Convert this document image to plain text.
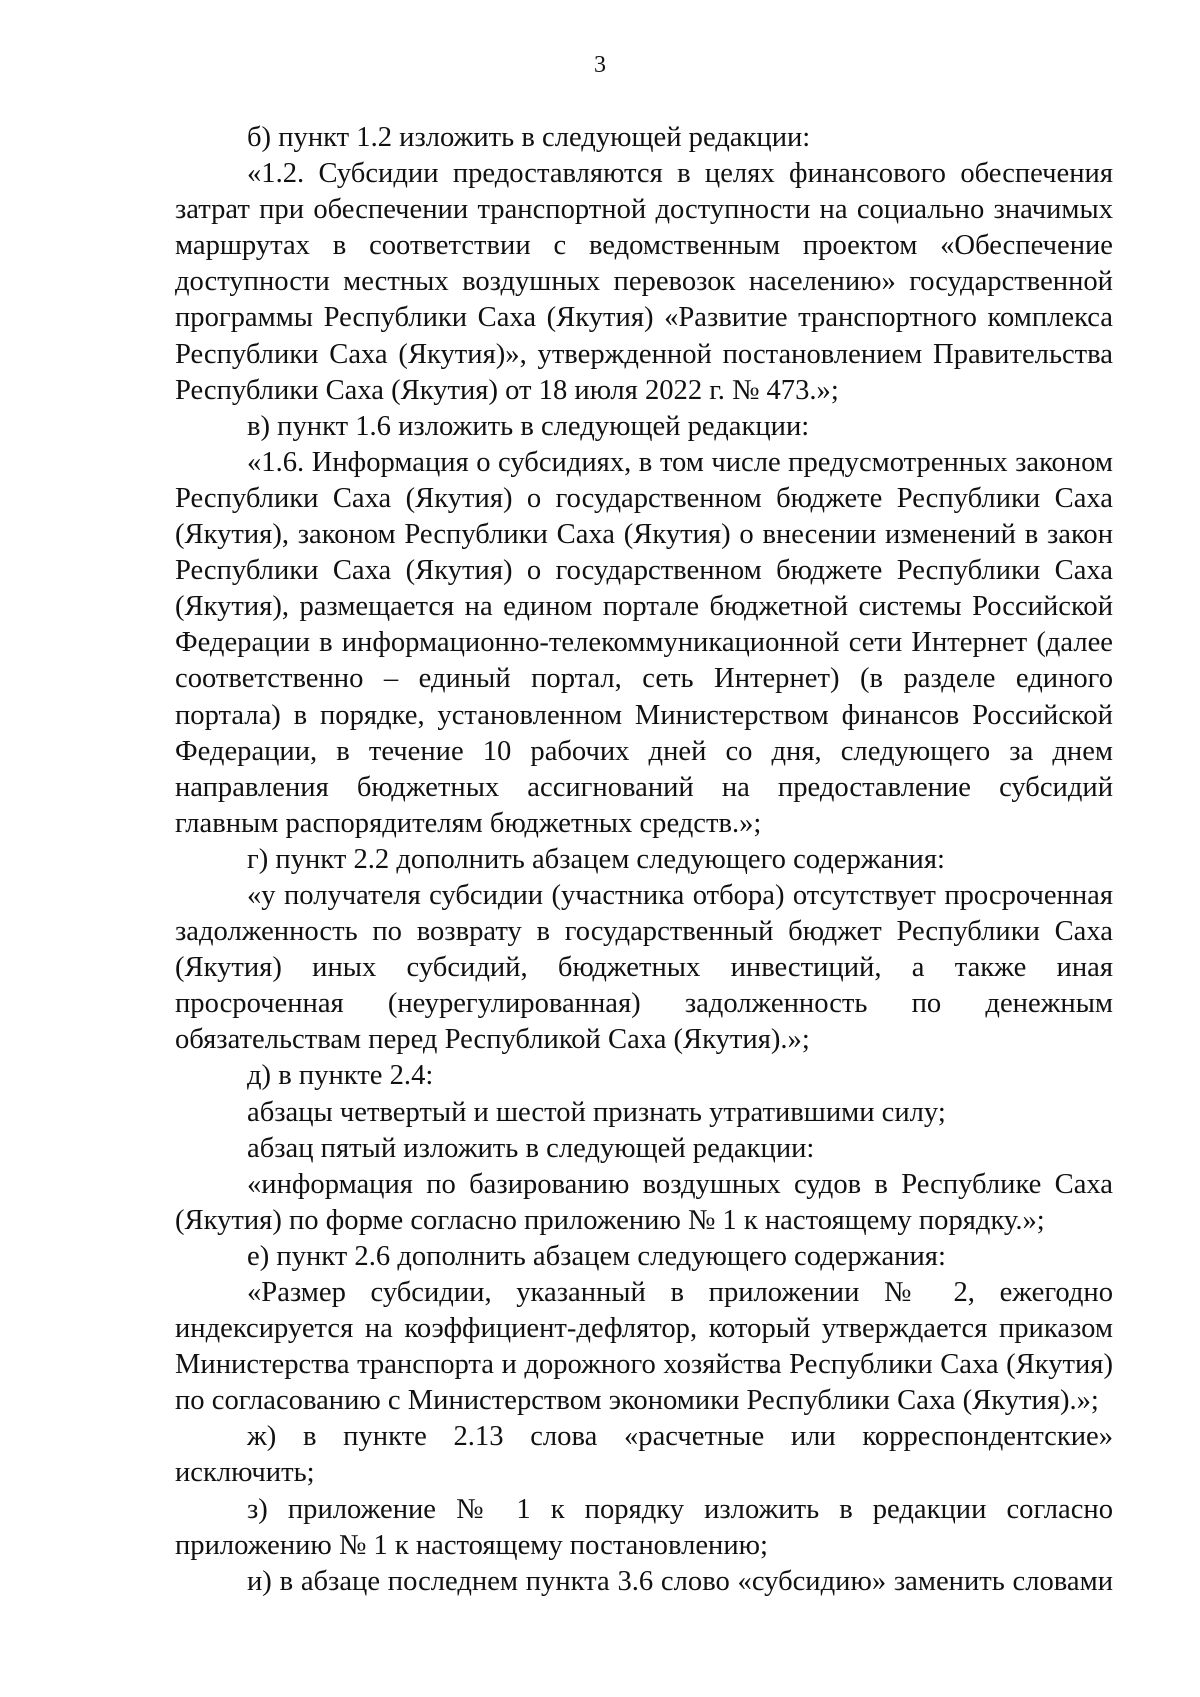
3

б) пункт 1.2 изложить в следующей редакции:

«1.2. Субсидии предоставляются в целях финансового обеспечения затрат при обеспечении транспортной доступности на социально значимых маршрутах в соответствии с ведомственным проектом «Обеспечение доступности местных воздушных перевозок населению» государственной программы Республики Саха (Якутия) «Развитие транспортного комплекса Республики Саха (Якутия)», утвержденной постановлением Правительства Республики Саха (Якутия) от 18 июля 2022 г. № 473.»;

в) пункт 1.6 изложить в следующей редакции:

«1.6. Информация о субсидиях, в том числе предусмотренных законом Республики Саха (Якутия) о государственном бюджете Республики Саха (Якутия), законом Республики Саха (Якутия) о внесении изменений в закон Республики Саха (Якутия) о государственном бюджете Республики Саха (Якутия), размещается на едином портале бюджетной системы Российской Федерации в информационно-телекоммуникационной сети Интернет (далее соответственно – единый портал, сеть Интернет) (в разделе единого портала) в порядке, установленном Министерством финансов Российской Федерации, в течение 10 рабочих дней со дня, следующего за днем направления бюджетных ассигнований на предоставление субсидий главным распорядителям бюджетных средств.»;

г) пункт 2.2 дополнить абзацем следующего содержания:

«у получателя субсидии (участника отбора) отсутствует просроченная задолженность по возврату в государственный бюджет Республики Саха (Якутия) иных субсидий, бюджетных инвестиций, а также иная просроченная (неурегулированная) задолженность по денежным обязательствам перед Республикой Саха (Якутия).»;

д) в пункте 2.4:

абзацы четвертый и шестой признать утратившими силу;

абзац пятый изложить в следующей редакции:

«информация по базированию воздушных судов в Республике Саха (Якутия) по форме согласно приложению № 1 к настоящему порядку.»;

е) пункт 2.6 дополнить абзацем следующего содержания:

«Размер субсидии, указанный в приложении № 2, ежегодно индексируется на коэффициент-дефлятор, который утверждается приказом Министерства транспорта и дорожного хозяйства Республики Саха (Якутия) по согласованию с Министерством экономики Республики Саха (Якутия).»;

ж) в пункте 2.13 слова «расчетные или корреспондентские» исключить;

з) приложение № 1 к порядку изложить в редакции согласно приложению № 1 к настоящему постановлению;

и) в абзаце последнем пункта 3.6 слово «субсидию» заменить словами
